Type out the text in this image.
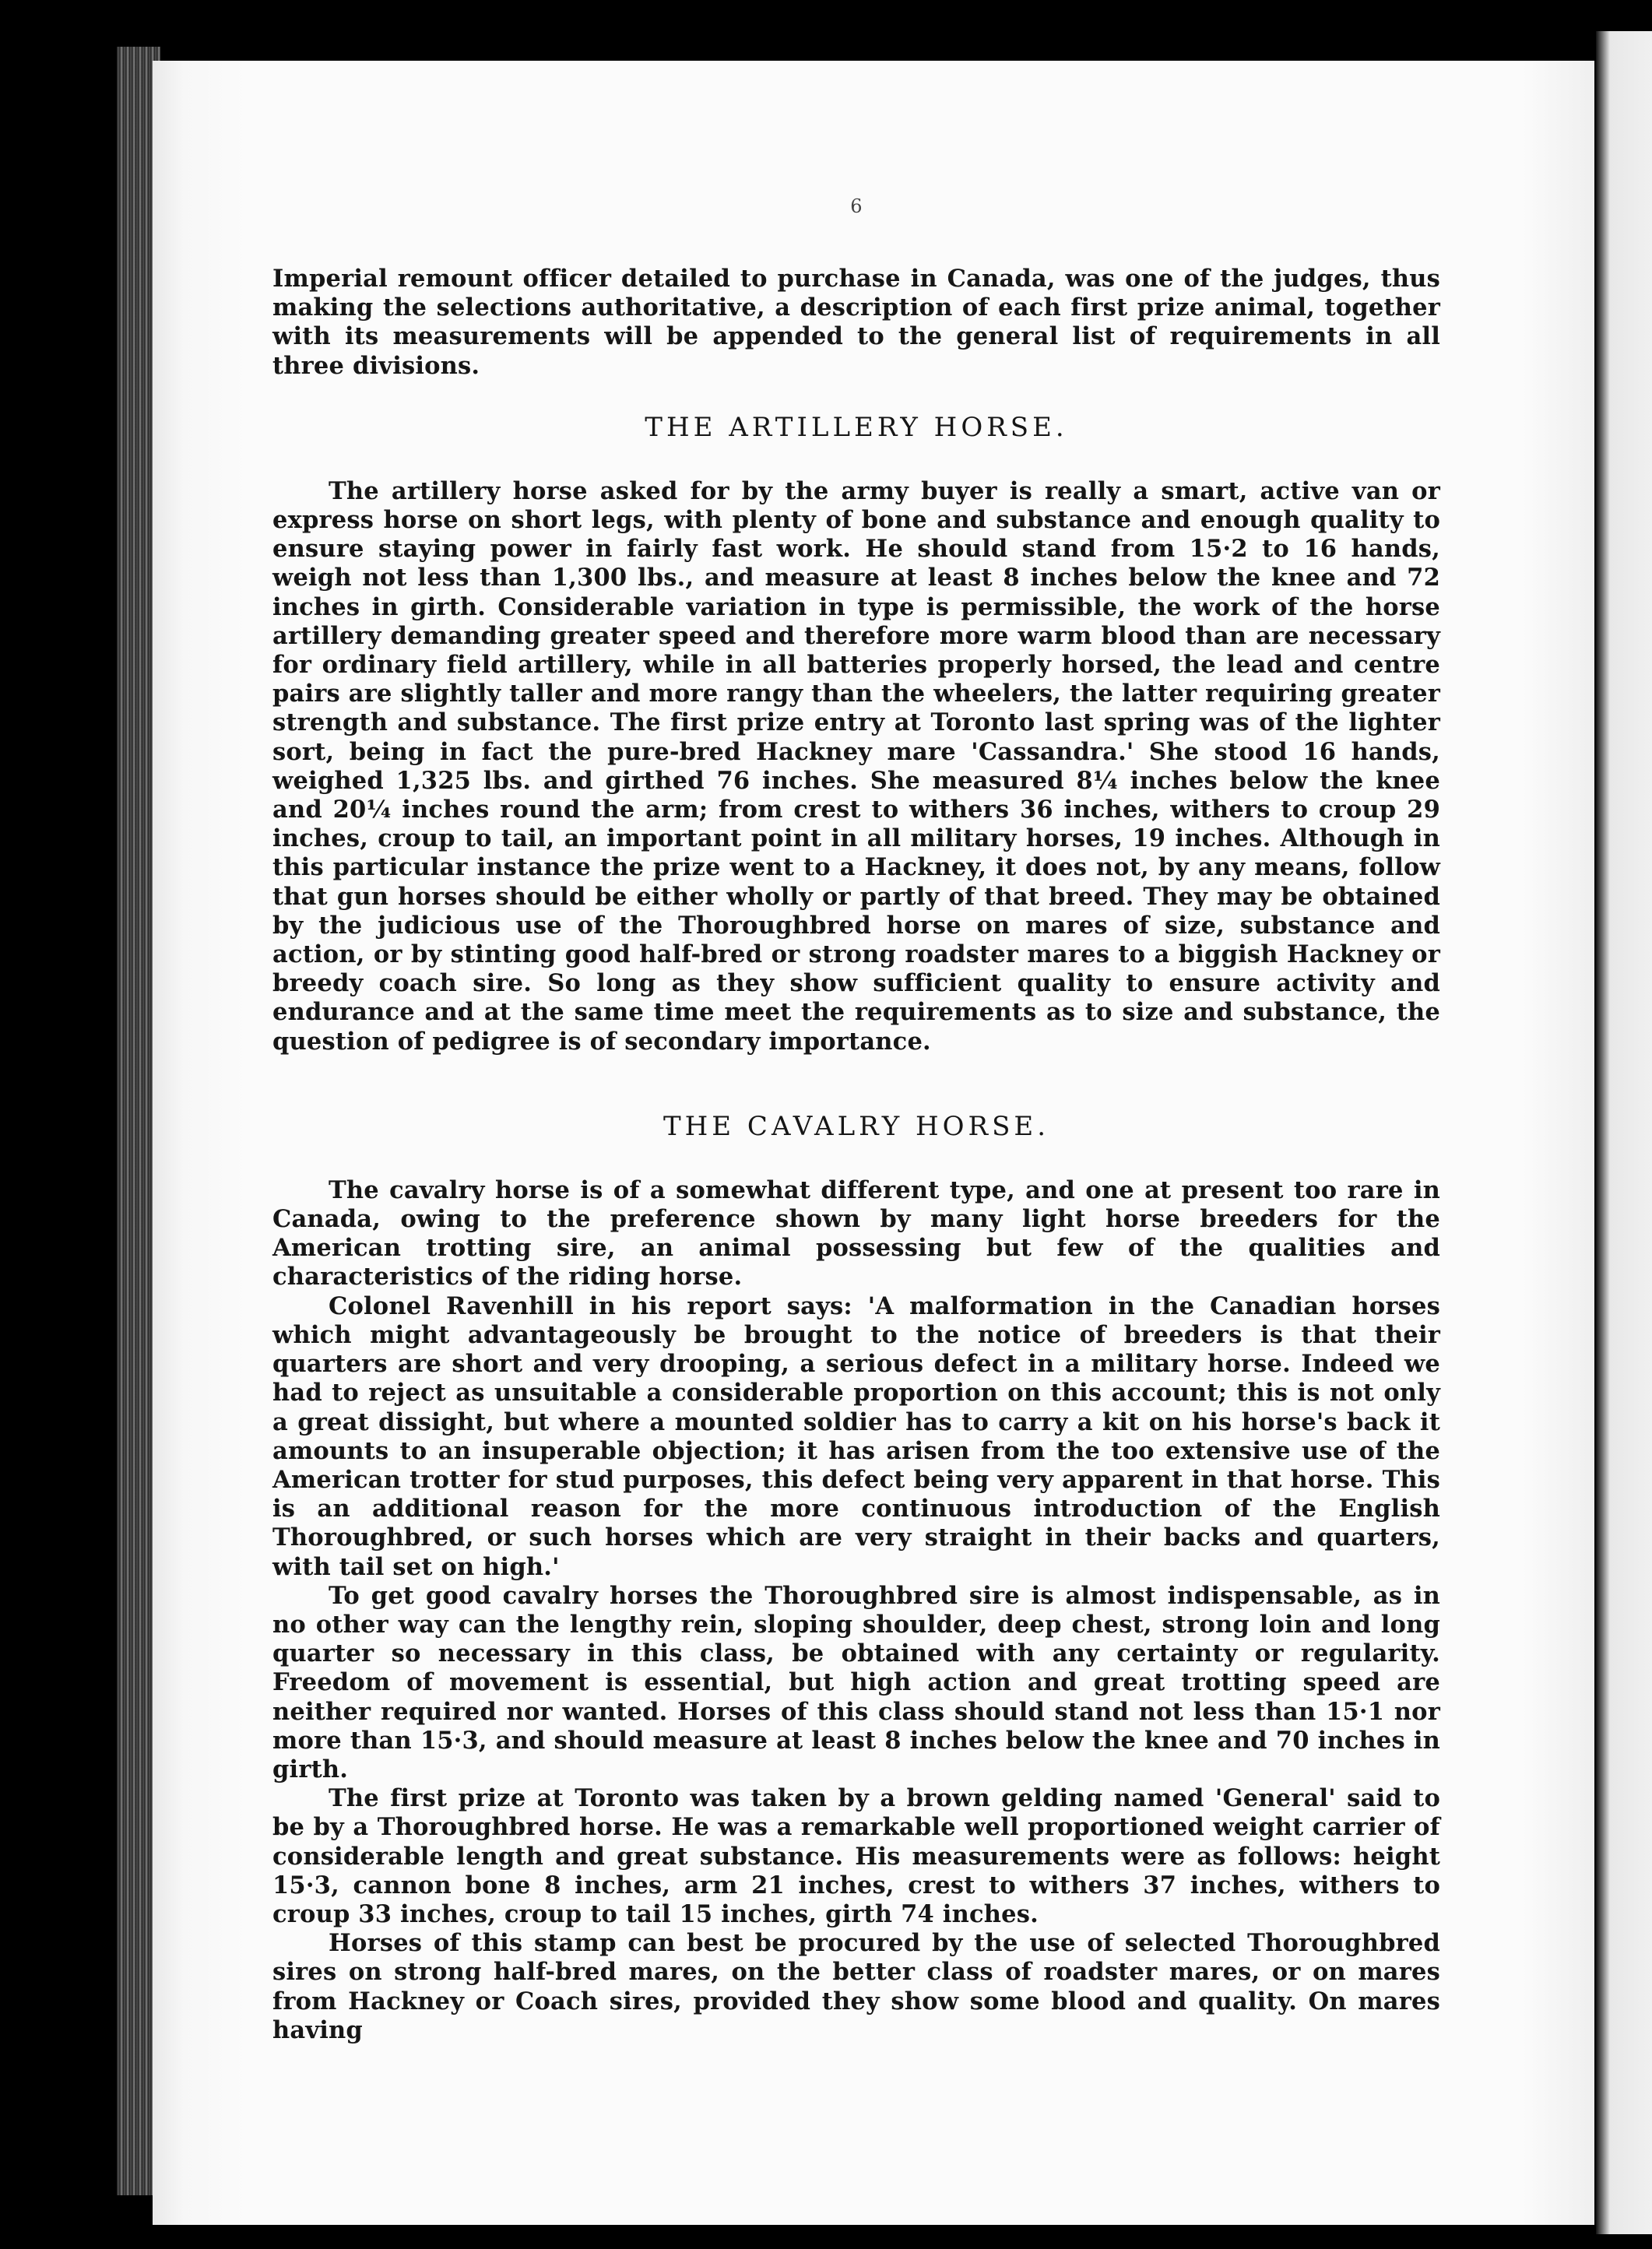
6

Imperial remount officer detailed to purchase in Canada, was one of the judges, thus making the selections authoritative, a description of each first prize animal, together with its measurements will be appended to the general list of requirements in all three divisions.

THE ARTILLERY HORSE.

The artillery horse asked for by the army buyer is really a smart, active van or express horse on short legs, with plenty of bone and substance and enough quality to ensure staying power in fairly fast work. He should stand from 15·2 to 16 hands, weigh not less than 1,300 lbs., and measure at least 8 inches below the knee and 72 inches in girth. Considerable variation in type is permissible, the work of the horse artillery demanding greater speed and therefore more warm blood than are necessary for ordinary field artillery, while in all batteries properly horsed, the lead and centre pairs are slightly taller and more rangy than the wheelers, the latter requiring greater strength and substance. The first prize entry at Toronto last spring was of the lighter sort, being in fact the pure-bred Hackney mare 'Cassandra.' She stood 16 hands, weighed 1,325 lbs. and girthed 76 inches. She measured 8¼ inches below the knee and 20¼ inches round the arm; from crest to withers 36 inches, withers to croup 29 inches, croup to tail, an important point in all military horses, 19 inches. Although in this particular instance the prize went to a Hackney, it does not, by any means, follow that gun horses should be either wholly or partly of that breed. They may be obtained by the judicious use of the Thoroughbred horse on mares of size, substance and action, or by stinting good half-bred or strong roadster mares to a biggish Hackney or breedy coach sire. So long as they show sufficient quality to ensure activity and endurance and at the same time meet the requirements as to size and substance, the question of pedigree is of secondary importance.

THE CAVALRY HORSE.

The cavalry horse is of a somewhat different type, and one at present too rare in Canada, owing to the preference shown by many light horse breeders for the American trotting sire, an animal possessing but few of the qualities and characteristics of the riding horse.

Colonel Ravenhill in his report says: 'A malformation in the Canadian horses which might advantageously be brought to the notice of breeders is that their quarters are short and very drooping, a serious defect in a military horse. Indeed we had to reject as unsuitable a considerable proportion on this account; this is not only a great dissight, but where a mounted soldier has to carry a kit on his horse's back it amounts to an insuperable objection; it has arisen from the too extensive use of the American trotter for stud purposes, this defect being very apparent in that horse. This is an additional reason for the more continuous introduction of the English Thoroughbred, or such horses which are very straight in their backs and quarters, with tail set on high.'

To get good cavalry horses the Thoroughbred sire is almost indispensable, as in no other way can the lengthy rein, sloping shoulder, deep chest, strong loin and long quarter so necessary in this class, be obtained with any certainty or regularity. Freedom of movement is essential, but high action and great trotting speed are neither required nor wanted. Horses of this class should stand not less than 15·1 nor more than 15·3, and should measure at least 8 inches below the knee and 70 inches in girth.

The first prize at Toronto was taken by a brown gelding named 'General' said to be by a Thoroughbred horse. He was a remarkable well proportioned weight carrier of considerable length and great substance. His measurements were as follows: height 15·3, cannon bone 8 inches, arm 21 inches, crest to withers 37 inches, withers to croup 33 inches, croup to tail 15 inches, girth 74 inches.

Horses of this stamp can best be procured by the use of selected Thoroughbred sires on strong half-bred mares, on the better class of roadster mares, or on mares from Hackney or Coach sires, provided they show some blood and quality. On mares having
